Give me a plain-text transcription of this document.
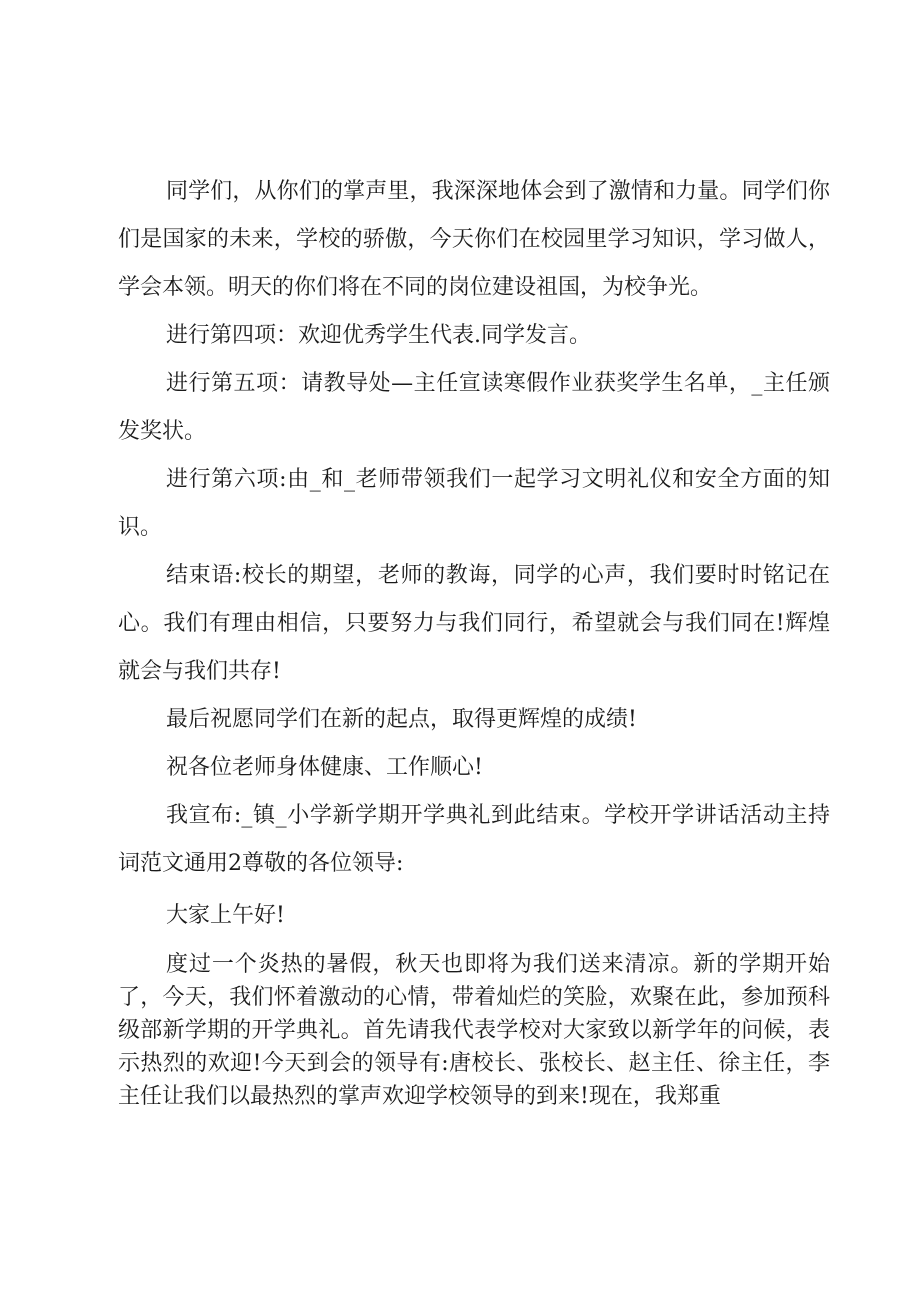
同学们，从你们的掌声里，我深深地体会到了激情和力量。同学们你们是国家的未来，学校的骄傲，今天你们在校园里学习知识，学习做人，学会本领。明天的你们将在不同的岗位建设祖国，为校争光。

进行第四项：欢迎优秀学生代表.同学发言。

进行第五项：请教导处—主任宣读寒假作业获奖学生名单，_主任颁发奖状。

进行第六项:由_和_老师带领我们一起学习文明礼仪和安全方面的知识。

结束语:校长的期望，老师的教诲，同学的心声，我们要时时铭记在心。我们有理由相信，只要努力与我们同行，希望就会与我们同在!辉煌就会与我们共存!

最后祝愿同学们在新的起点，取得更辉煌的成绩!

祝各位老师身体健康、工作顺心!

我宣布:_镇_小学新学期开学典礼到此结束。学校开学讲话活动主持词范文通用2尊敬的各位领导:

大家上午好!

度过一个炎热的暑假，秋天也即将为我们送来清凉。新的学期开始了，今天，我们怀着激动的心情，带着灿烂的笑脸，欢聚在此，参加预科级部新学期的开学典礼。首先请我代表学校对大家致以新学年的问候，表示热烈的欢迎!今天到会的领导有:唐校长、张校长、赵主任、徐主任，李主任让我们以最热烈的掌声欢迎学校领导的到来!现在，我郑重
